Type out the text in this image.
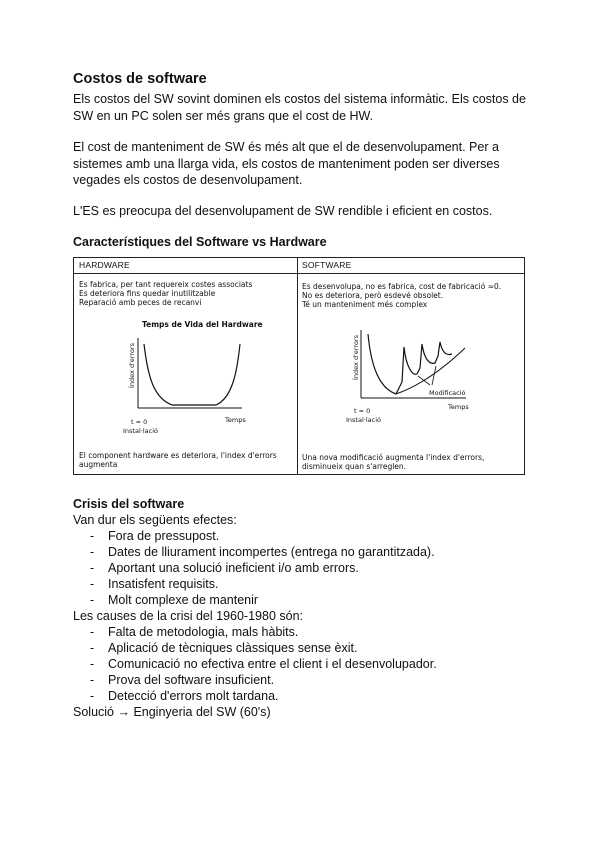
Costos de software
Els costos del SW sovint dominen els costos del sistema informàtic. Els costos de
SW en un PC solen ser més grans que el cost de HW.
El cost de manteniment de SW és més alt que el de desenvolupament. Per a
sistemes amb una llarga vida, els costos de manteniment poden ser diverses
vegades els costos de desenvolupament.
L'ES es preocupa del desenvolupament de SW rendible i eficient en costos.
Característiques del Software vs Hardware
HARDWARE	SOFTWARE
Es fabrica, per tant requereix costes associats
Es deteriora fins quedar inutilitzable
Reparació amb peces de recanvi
Temps de Vida del Hardware
Índex d'errors
Temps
t = 0
Instal·lació
El component hardware es deteriora, l'index d'errors
augmenta
Es desenvolupa, no es fabrica, cost de fabricació ≈0.
No es deteriora, però esdevé obsolet.
Té un manteniment més complex
Índex d'errors
Modificació
Temps
t = 0
Instal·lació
Una nova modificació augmenta l'index d'errors,
disminueix quan s'arreglen.
Crisis del software
Van dur els següents efectes:
- Fora de pressupost.
- Dates de lliurament incompertes (entrega no garantitzada).
- Aportant una solució ineficient i/o amb errors.
- Insatisfent requisits.
- Molt complexe de mantenir
Les causes de la crisi del 1960-1980 són:
- Falta de metodologia, mals hàbits.
- Aplicació de tècniques clàssiques sense èxit.
- Comunicació no efectiva entre el client i el desenvolupador.
- Prova del software insuficient.
- Detecció d'errors molt tardana.
Solució → Enginyeria del SW (60's)
